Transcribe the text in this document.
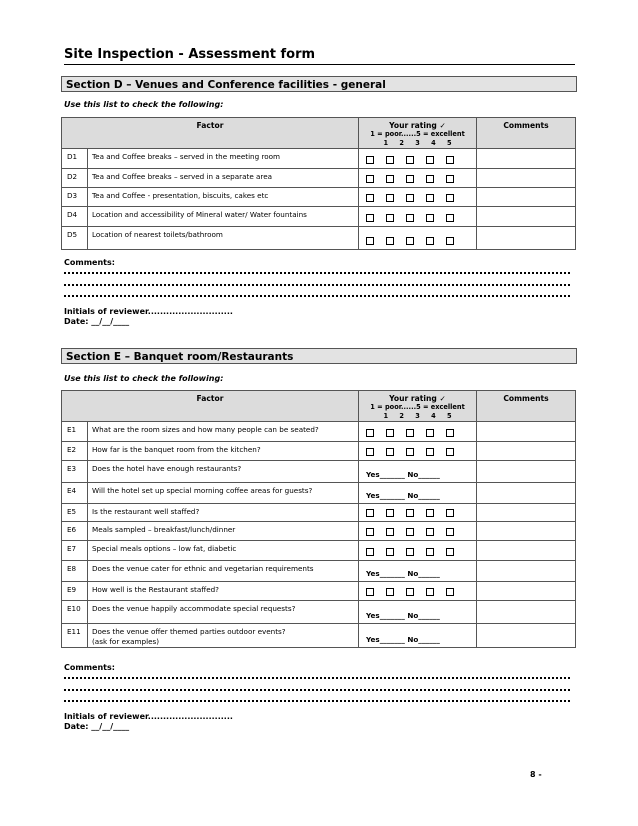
Site Inspection - Assessment form
Section D – Venues and Conference facilities - general
Use this list to check the following:
Factor		Your rating ✓
1 = poor......5 = excellent
1 2 3 4 5	Comments
D1	Tea and Coffee breaks – served in the meeting room		

D2	Tea and Coffee breaks – served in a separate area		

D3	Tea and Coffee - presentation, biscuits, cakes etc		

D4	Location and accessibility of Mineral water/ Water fountains		

D5	Location of nearest toilets/bathroom		

Comments:
Initials of reviewer............................
Date: __/__/____
Section E – Banquet room/Restaurants
Use this list to check the following:
Factor		Your rating ✓
1 = poor......5 = excellent
1 2 3 4 5	Comments
E1	What are the room sizes and how many people can be seated?		

E2	How far is the banquet room from the kitchen?		

E3	Does the hotel have enough restaurants?	Yes_______ No______	

E4	Will the hotel set up special morning coffee areas for guests?	Yes_______ No______	

E5	Is the restaurant well staffed?		

E6	Meals sampled – breakfast/lunch/dinner		

E7	Special meals options – low fat, diabetic		

E8	Does the venue cater for ethnic and vegetarian requirements	Yes_______ No______	

E9	How well is the Restaurant staffed?		

E10	Does the venue happily accommodate special requests?	Yes_______ No______	

E11	Does the venue offer themed parties outdoor events?
(ask for examples)	Yes_______ No______	

Comments:
Initials of reviewer............................
Date: __/__/____
8 -
